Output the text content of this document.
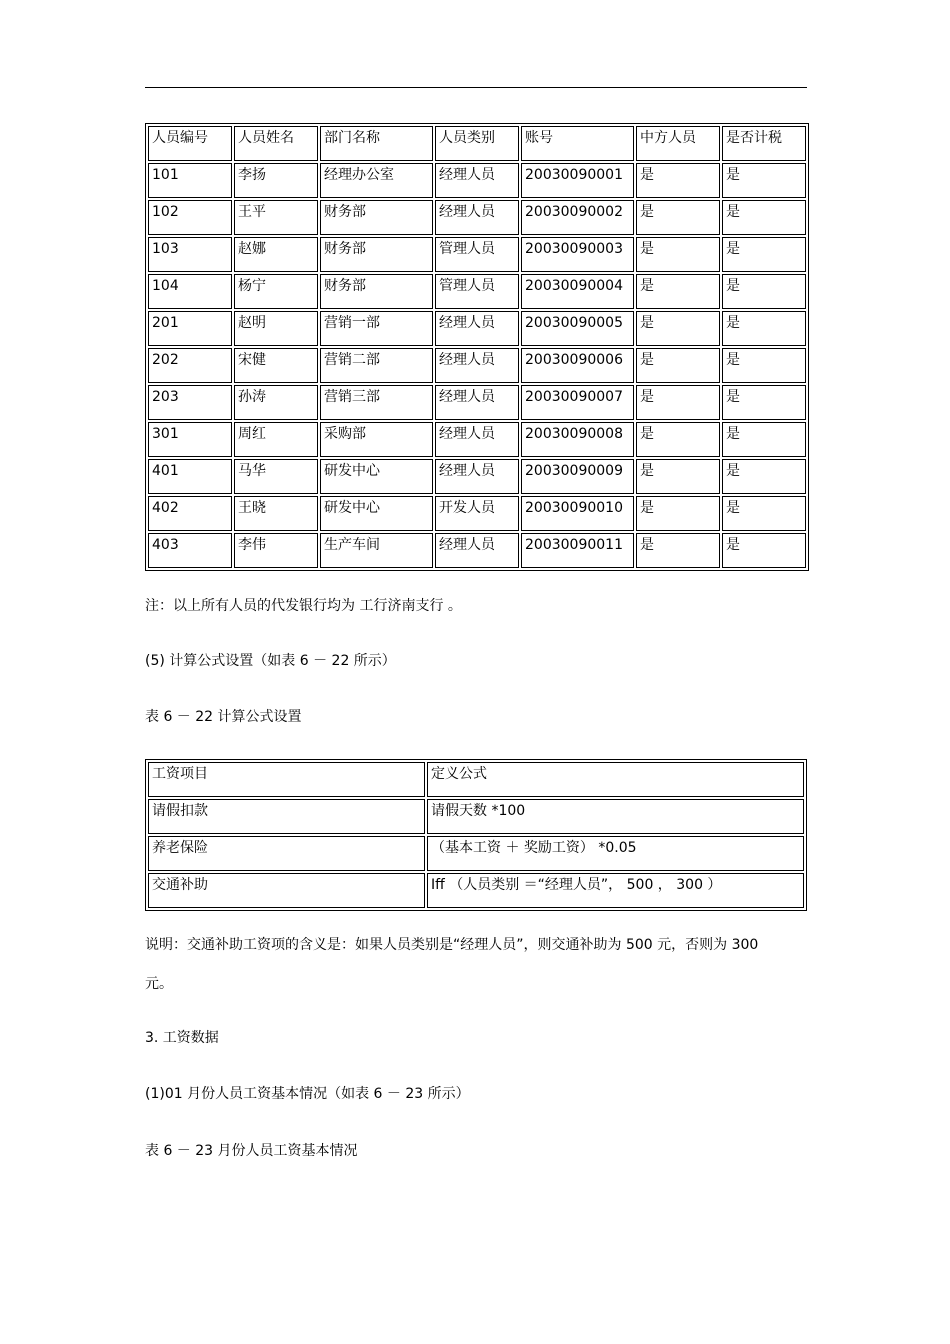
人员编号	人员姓名	部门名称	人员类别	账号	中方人员	是否计税
101	李扬	经理办公室	经理人员	20030090001	是	是
102	王平	财务部	经理人员	20030090002	是	是
103	赵娜	财务部	管理人员	20030090003	是	是
104	杨宁	财务部	管理人员	20030090004	是	是
201	赵明	营销一部	经理人员	20030090005	是	是
202	宋健	营销二部	经理人员	20030090006	是	是
203	孙涛	营销三部	经理人员	20030090007	是	是
301	周红	采购部	经理人员	20030090008	是	是
401	马华	研发中心	经理人员	20030090009	是	是
402	王晓	研发中心	开发人员	20030090010	是	是
403	李伟	生产车间	经理人员	20030090011	是	是
注：以上所有人员的代发银行均为 工行济南支行 。
(5) 计算公式设置（如表 6 － 22 所示）
表 6 － 22 计算公式设置
工资项目	定义公式
请假扣款	请假天数 *100
养老保险	（基本工资 ＋ 奖励工资） *0.05
交通补助	Iff （人员类别 ＝“经理人员”， 500 ， 300 ）
说明：交通补助工资项的含义是：如果人员类别是“经理人员”，则交通补助为 500 元，否则为 300
元。
3. 工资数据
(1)01 月份人员工资基本情况（如表 6 － 23 所示）
表 6 － 23 月份人员工资基本情况
